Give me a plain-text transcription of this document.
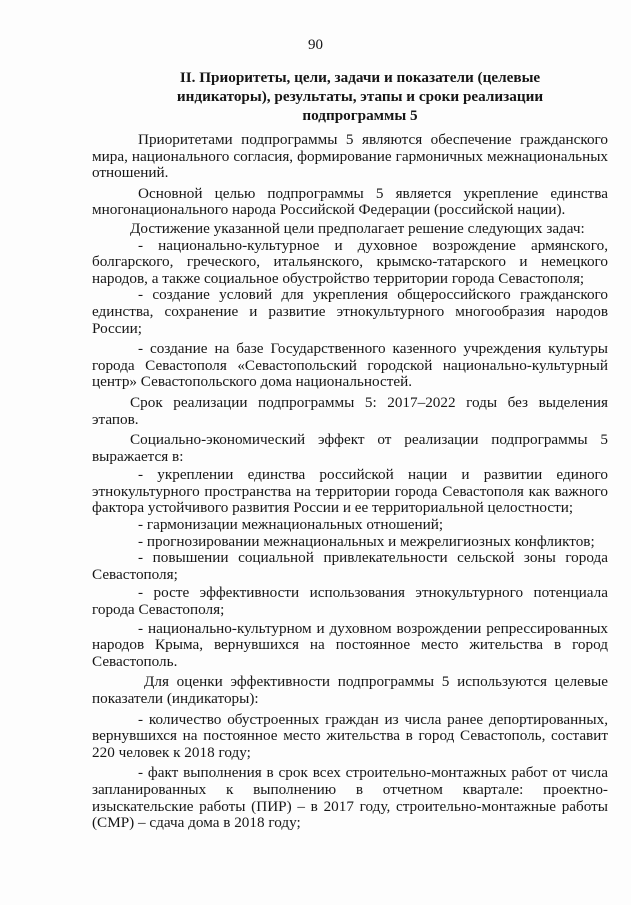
90
II. Приоритеты, цели, задачи и показатели (целевые
индикаторы), результаты, этапы и сроки реализации
подпрограммы 5

Приоритетами подпрограммы 5 являются обеспечение гражданского мира, национального согласия, формирование гармоничных межнациональных отношений.

Основной целью подпрограммы 5 является укрепление единства многонационального народа Российской Федерации (российской нации).

Достижение указанной цели предполагает решение следующих задач:

- национально-культурное и духовное возрождение армянского, болгарского, греческого, итальянского, крымско-татарского и немецкого народов, а также социальное обустройство территории города Севастополя;

- создание условий для укрепления общероссийского гражданского единства, сохранение и развитие этнокультурного многообразия народов России;

- создание на базе Государственного казенного учреждения культуры города Севастополя «Севастопольский городской национально-культурный центр» Севастопольского дома национальностей.

Срок реализации подпрограммы 5: 2017–2022 годы без выделения этапов.

Социально-экономический эффект от реализации подпрограммы 5 выражается в:

- укреплении единства российской нации и развитии единого этнокультурного пространства на территории города Севастополя как важного фактора устойчивого развития России и ее территориальной целостности;

- гармонизации межнациональных отношений;

- прогнозировании межнациональных и межрелигиозных конфликтов;

- повышении социальной привлекательности сельской зоны города Севастополя;

- росте эффективности использования этнокультурного потенциала города Севастополя;

- национально-культурном и духовном возрождении репрессированных народов Крыма, вернувшихся на постоянное место жительства в город Севастополь.

Для оценки эффективности подпрограммы 5 используются целевые показатели (индикаторы):

- количество обустроенных граждан из числа ранее депортированных, вернувшихся на постоянное место жительства в город Севастополь, составит 220 человек к 2018 году;

- факт выполнения в срок всех строительно-монтажных работ от числа запланированных к выполнению в отчетном квартале: проектно-изыскательские работы (ПИР) – в 2017 году, строительно-монтажные работы (СМР) – сдача дома в 2018 году;
